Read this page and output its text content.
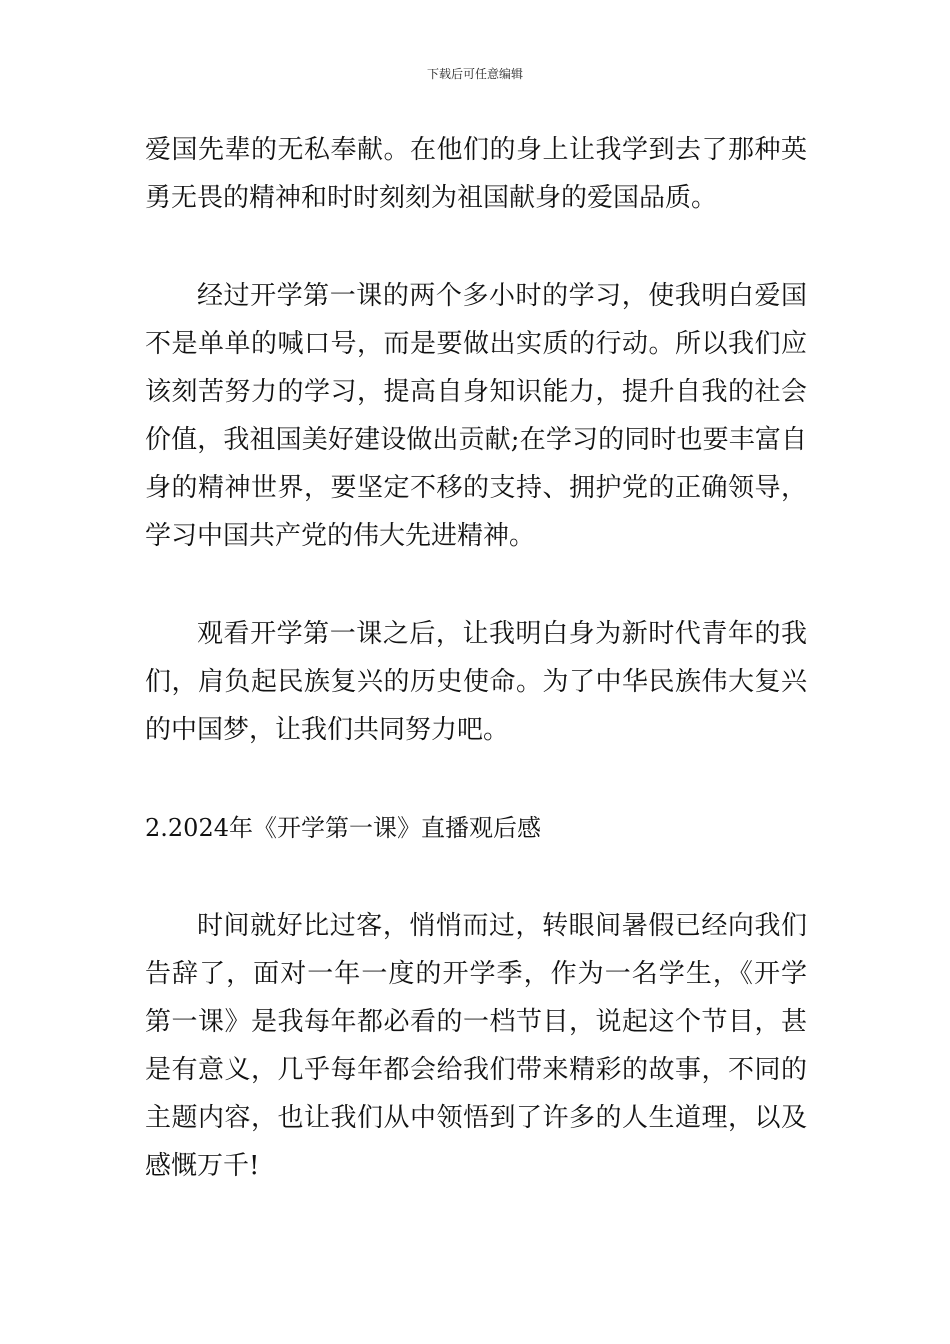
下载后可任意编辑

爱国先辈的无私奉献。在他们的身上让我学到去了那种英勇无畏的精神和时时刻刻为祖国献身的爱国品质。

经过开学第一课的两个多小时的学习，使我明白爱国不是单单的喊口号，而是要做出实质的行动。所以我们应该刻苦努力的学习，提高自身知识能力，提升自我的社会价值，我祖国美好建设做出贡献;在学习的同时也要丰富自身的精神世界，要坚定不移的支持、拥护党的正确领导，学习中国共产党的伟大先进精神。

观看开学第一课之后，让我明白身为新时代青年的我们，肩负起民族复兴的历史使命。为了中华民族伟大复兴的中国梦，让我们共同努力吧。

2.2024年《开学第一课》直播观后感

时间就好比过客，悄悄而过，转眼间暑假已经向我们告辞了，面对一年一度的开学季，作为一名学生，《开学第一课》是我每年都必看的一档节目，说起这个节目，甚是有意义，几乎每年都会给我们带来精彩的故事，不同的主题内容，也让我们从中领悟到了许多的人生道理，以及感慨万千!
